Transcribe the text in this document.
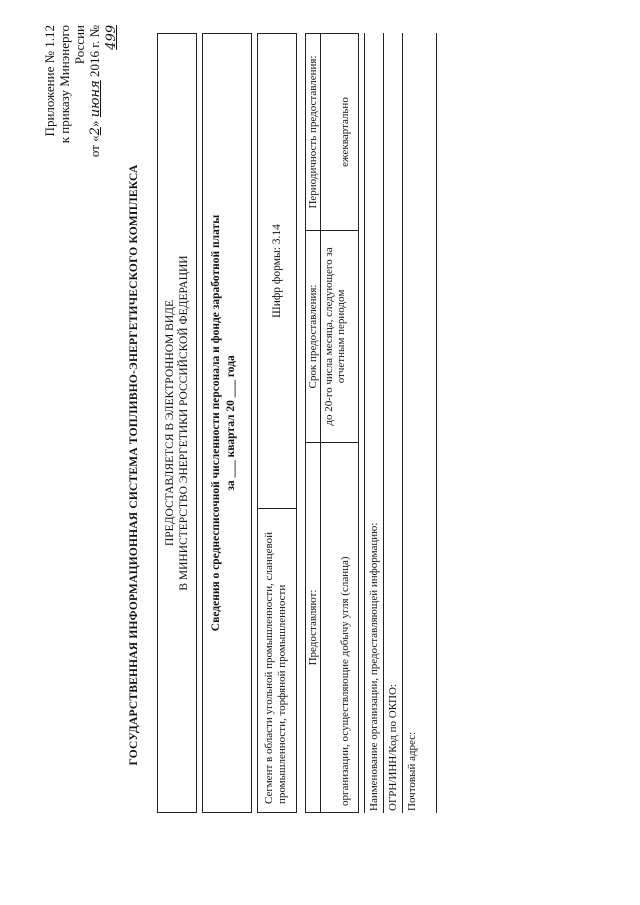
Приложение № 1.12 к приказу Минэнерго России
от «2» июня 2016 г. № 499
ГОСУДАРСТВЕННАЯ ИНФОРМАЦИОННАЯ СИСТЕМА ТОПЛИВНО-ЭНЕРГЕТИЧЕСКОГО КОМПЛЕКСА ПРЕДОСТАВЛЯЕТСЯ В ЭЛЕКТРОННОМ ВИДЕ В МИНИСТЕРСТВО ЭНЕРГЕТИКИ РОССИЙСКОЙ ФЕДЕРАЦИИ Сведения о среднесписочной численности персонала и фонде заработной платы за ___ квартал 20 ___ года
Сегмент в области угольной промышленности, сланцевой промышленности, торфяной промышленности
Шифр формы: 3.14
Предоставляют:	организации, осуществляющие добычу угля (сланца)
Срок предоставления: до 20-го числа месяца, следующего за отчетным периодом
Периодичность предоставления:	ежеквартально
Наименование организации, предоставляющей информацию: ОГРН/ИНН/Код по ОКПО: Почтовый адрес:
